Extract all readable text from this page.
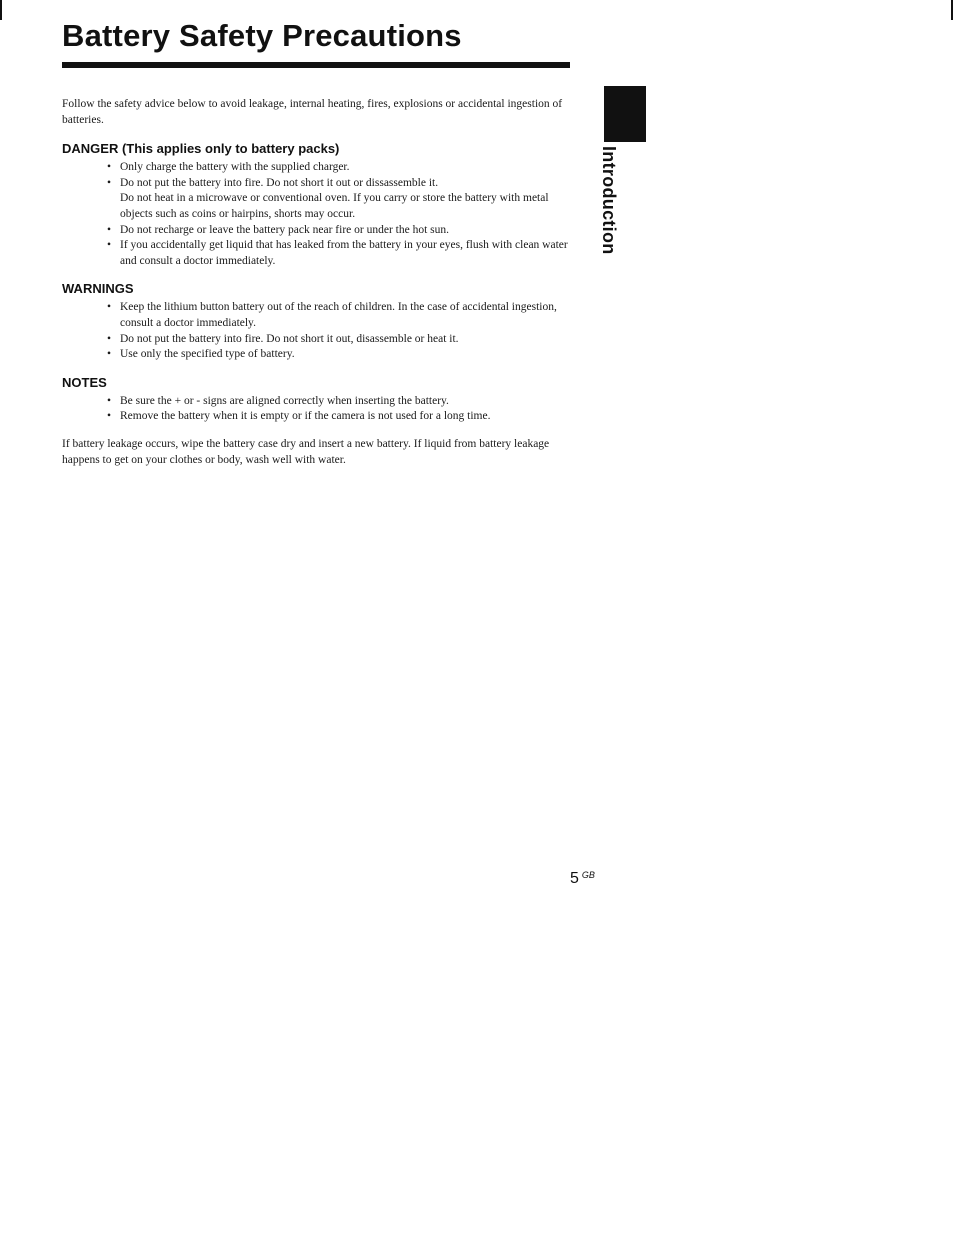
Battery Safety Precautions
Introduction

Follow the safety advice below to avoid leakage, internal heating, fires, explosions or accidental ingestion of batteries.

DANGER (This applies only to battery packs)
• Only charge the battery with the supplied charger.
• Do not put the battery into fire. Do not short it out or dissassemble it.
Do not heat in a microwave or conventional oven. If you carry or store the battery with metal objects such as coins or hairpins, shorts may occur.
• Do not recharge or leave the battery pack near fire or under the hot sun.
• If you accidentally get liquid that has leaked from the battery in your eyes, flush with clean water and consult a doctor immediately.
WARNINGS
• Keep the lithium button battery out of the reach of children. In the case of accidental ingestion, consult a doctor immediately.
• Do not put the battery into fire. Do not short it out, disassemble or heat it.
• Use only the specified type of battery.
NOTES
• Be sure the + or - signs are aligned correctly when inserting the battery.
• Remove the battery when it is empty or if the camera is not used for a long time.

If battery leakage occurs, wipe the battery case dry and insert a new battery. If liquid from battery leakage happens to get on your clothes or body, wash well with water.

5 $^{GB}$
